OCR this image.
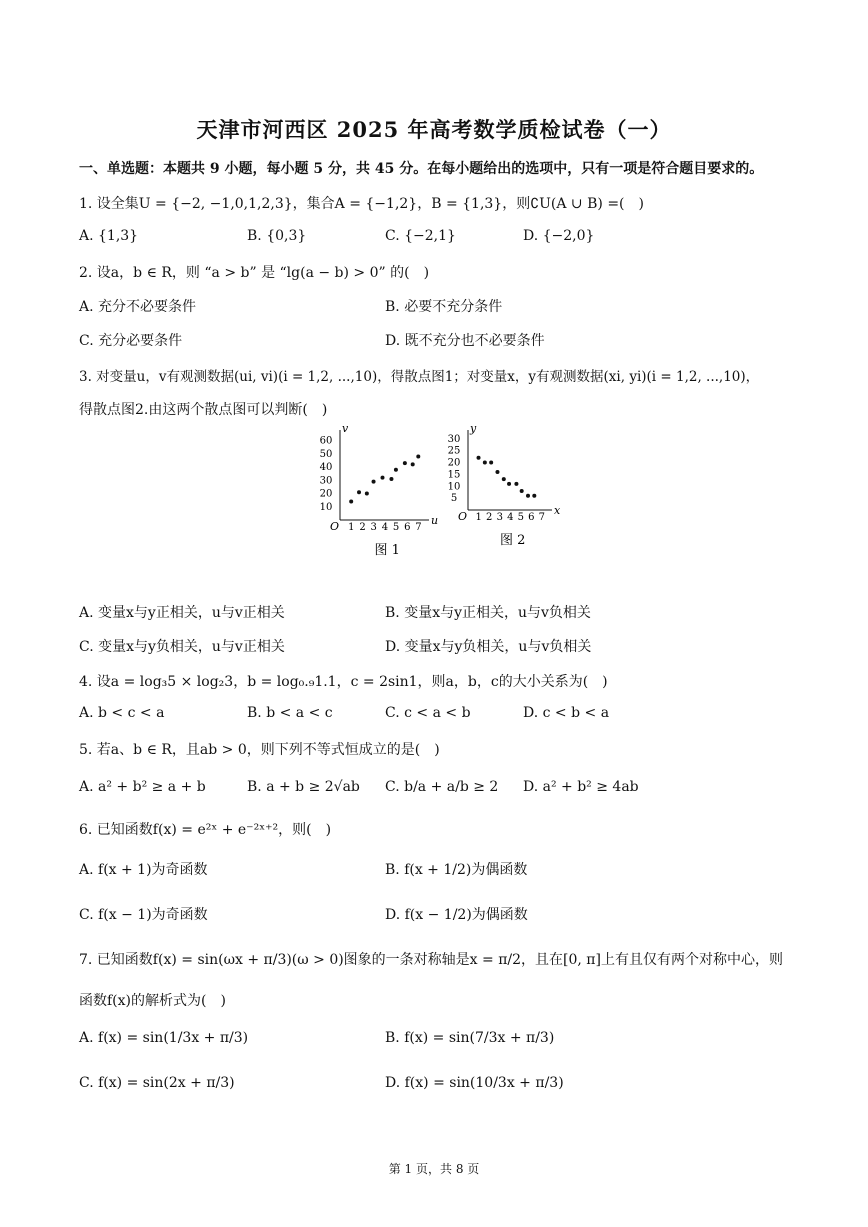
天津市河西区 2025 年高考数学质检试卷（一）
一、单选题：本题共 9 小题，每小题 5 分，共 45 分。在每小题给出的选项中，只有一项是符合题目要求的。
1. 设全集U = {−2, −1,0,1,2,3}，集合A = {−1,2}，B = {1,3}，则∁U(A ∪ B) =(　)
A. {1,3}	B. {0,3}	C. {−2,1}	D. {−2,0}
2. 设a，b ∈ R，则 “a > b” 是 “lg(a − b) > 0” 的(　)
A. 充分不必要条件	B. 必要不充分条件
C. 充分必要条件	D. 既不充分也不必要条件
3. 对变量u，v有观测数据(ui, vi)(i = 1,2, ...,10)，得散点图1；对变量x，y有观测数据(xi, yi)(i = 1,2, ...,10)，
得散点图2.由这两个散点图可以判断(　)
u
v
O 1 2 3 4 5 6 7
10
20
30
40
50
60
图 1
x
y
O 1 2 3 4 5 6 7
5
10
15
20
25
30
图 2
A. 变量x与y正相关，u与v正相关	B. 变量x与y正相关，u与v负相关
C. 变量x与y负相关，u与v正相关	D. 变量x与y负相关，u与v负相关
4. 设a = log₃5 × log₂3，b = log₀.₉1.1，c = 2sin1，则a，b，c的大小关系为(　)
A. b < c < a	B. b < a < c	C. c < a < b	D. c < b < a
5. 若a、b ∈ R，且ab > 0，则下列不等式恒成立的是(　)
A. a² + b² ≥ a + b	B. a + b ≥ 2√ab C. b/a + a/b ≥ 2 D. a² + b² ≥ 4ab
6. 已知函数f(x) = e²ˣ + e⁻²ˣ⁺²，则(　)
A. f(x + 1)为奇函数	B. f(x + 1/2)为偶函数
C. f(x − 1)为奇函数	D. f(x − 1/2)为偶函数
7. 已知函数f(x) = sin(ωx + π/3)(ω > 0)图象的一条对称轴是x = π/2，且在[0, π]上有且仅有两个对称中心，则
函数f(x)的解析式为(　)
A. f(x) = sin(1/3x + π/3)	B. f(x) = sin(7/3x + π/3)
C. f(x) = sin(2x + π/3)	D. f(x) = sin(10/3x + π/3)
第 1 页，共 8 页
